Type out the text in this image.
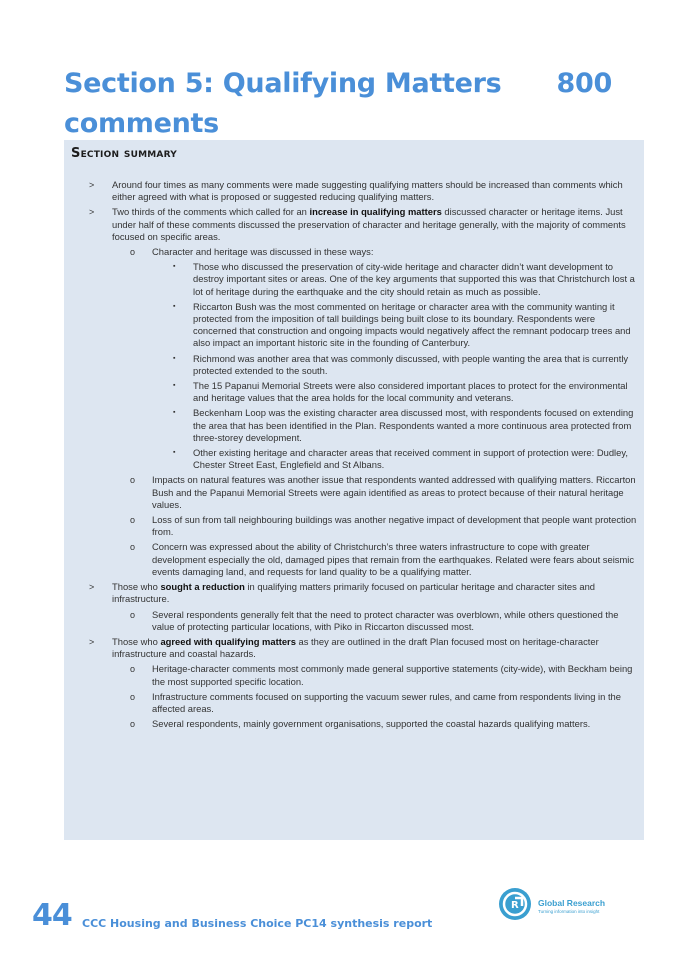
Section 5: Qualifying Matters 800
comments
Section summary
> Around four times as many comments were made suggesting qualifying matters should be increased than comments which either agreed with what is proposed or suggested reducing qualifying matters.
> Two thirds of the comments which called for an increase in qualifying matters discussed character or heritage items. Just under half of these comments discussed the preservation of character and heritage generally, with the majority of comments focused on specific areas.
o Character and heritage was discussed in these ways:
▪ Those who discussed the preservation of city-wide heritage and character didn’t want development to destroy important sites or areas. One of the key arguments that supported this was that Christchurch lost a lot of heritage during the earthquake and the city should retain as much as possible.
▪ Riccarton Bush was the most commented on heritage or character area with the community wanting it protected from the imposition of tall buildings being built close to its boundary. Respondents were concerned that construction and ongoing impacts would negatively affect the remnant podocarp trees and also impact an important historic site in the founding of Canterbury.
▪ Richmond was another area that was commonly discussed, with people wanting the area that is currently protected extended to the south.
▪ The 15 Papanui Memorial Streets were also considered important places to protect for the environmental and heritage values that the area holds for the local community and veterans.
▪ Beckenham Loop was the existing character area discussed most, with respondents focused on extending the area that has been identified in the Plan. Respondents wanted a more continuous area protected from three-storey development.
▪ Other existing heritage and character areas that received comment in support of protection were: Dudley, Chester Street East, Englefield and St Albans.
o Impacts on natural features was another issue that respondents wanted addressed with qualifying matters. Riccarton Bush and the Papanui Memorial Streets were again identified as areas to protect because of their natural heritage values.
o Loss of sun from tall neighbouring buildings was another negative impact of development that people want protection from.
o Concern was expressed about the ability of Christchurch’s three waters infrastructure to cope with greater development especially the old, damaged pipes that remain from the earthquakes. Related were fears about seismic events damaging land, and requests for land quality to be a qualifying matter.
> Those who sought a reduction in qualifying matters primarily focused on particular heritage and character sites and infrastructure.
o Several respondents generally felt that the need to protect character was overblown, while others questioned the value of protecting particular locations, with Piko in Riccarton discussed most.
> Those who agreed with qualifying matters as they are outlined in the draft Plan focused most on heritage-character infrastructure and coastal hazards.
o Heritage-character comments most commonly made general supportive statements (city-wide), with Beckham being the most supported specific location.
o Infrastructure comments focused on supporting the vacuum sewer rules, and came from respondents living in the affected areas.
o Several respondents, mainly government organisations, supported the coastal hazards qualifying matters.
44 CCC Housing and Business Choice PC14 synthesis report
R Global Research
Turning information into insight
